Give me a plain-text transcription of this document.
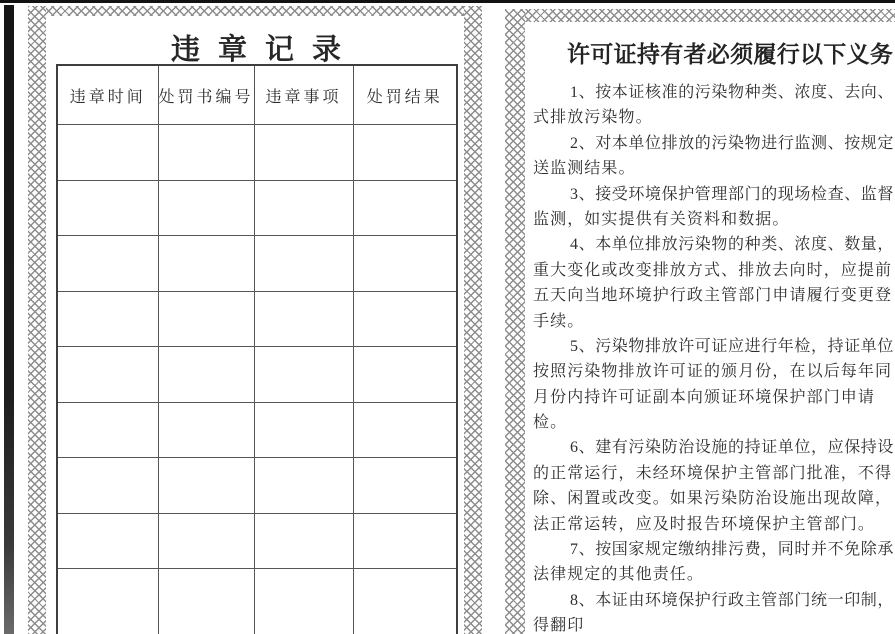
违章记录
违章时间	处罚书编号	违章事项	处罚结果

许可证持有者必须履行以下义务
1、按本证核准的污染物种类、浓度、去向、
式排放污染物。
2、对本单位排放的污染物进行监测、按规定
送监测结果。
3、接受环境保护管理部门的现场检查、监督
监测，如实提供有关资料和数据。
4、本单位排放污染物的种类、浓度、数量，
重大变化或改变排放方式、排放去向时，应提前
五天向当地环境护行政主管部门申请履行变更登
手续。
5、污染物排放许可证应进行年检，持证单位
按照污染物排放许可证的颁月份，在以后每年同
月份内持许可证副本向颁证环境保护部门申请
检。
6、建有污染防治设施的持证单位，应保持设
的正常运行，未经环境保护主管部门批准，不得
除、闲置或改变。如果污染防治设施出现故障，
法正常运转，应及时报告环境保护主管部门。
7、按国家规定缴纳排污费，同时并不免除承
法律规定的其他责任。
8、本证由环境保护行政主管部门统一印制，
得翻印
